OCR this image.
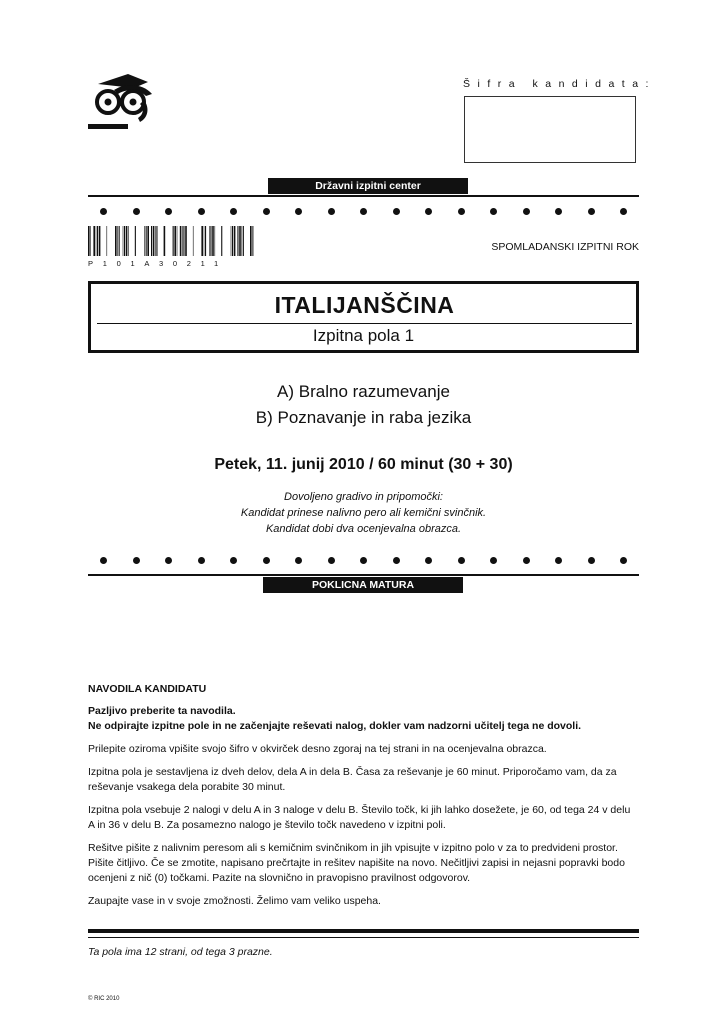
Šifra kandidata:
Državni izpitni center
P101A30211
SPOMLADANSKI IZPITNI ROK
ITALIJANŠČINA
Izpitna pola 1
A) Bralno razumevanje
B) Poznavanje in raba jezika
Petek, 11. junij 2010 / 60 minut (30 + 30)
Dovoljeno gradivo in pripomočki:
Kandidat prinese nalivno pero ali kemični svinčnik.
Kandidat dobi dva ocenjevalna obrazca.
POKLICNA MATURA

NAVODILA KANDIDATU

Pazljivo preberite ta navodila.
Ne odpirajte izpitne pole in ne začenjajte reševati nalog, dokler vam nadzorni učitelj tega ne dovoli.

Prilepite oziroma vpišite svojo šifro v okvirček desno zgoraj na tej strani in na ocenjevalna obrazca.

Izpitna pola je sestavljena iz dveh delov, dela A in dela B. Časa za reševanje je 60 minut. Priporočamo vam, da za reševanje vsakega dela porabite 30 minut.

Izpitna pola vsebuje 2 nalogi v delu A in 3 naloge v delu B. Število točk, ki jih lahko dosežete, je 60, od tega 24 v delu A in 36 v delu B. Za posamezno nalogo je število točk navedeno v izpitni poli.

Rešitve pišite z nalivnim peresom ali s kemičnim svinčnikom in jih vpisujte v izpitno polo v za to predvideni prostor. Pišite čitljivo. Če se zmotite, napisano prečrtajte in rešitev napišite na novo. Nečitljivi zapisi in nejasni popravki bodo ocenjeni z nič (0) točkami. Pazite na slovnično in pravopisno pravilnost odgovorov.

Zaupajte vase in v svoje zmožnosti. Želimo vam veliko uspeha.

Ta pola ima 12 strani, od tega 3 prazne.
© RIC 2010
